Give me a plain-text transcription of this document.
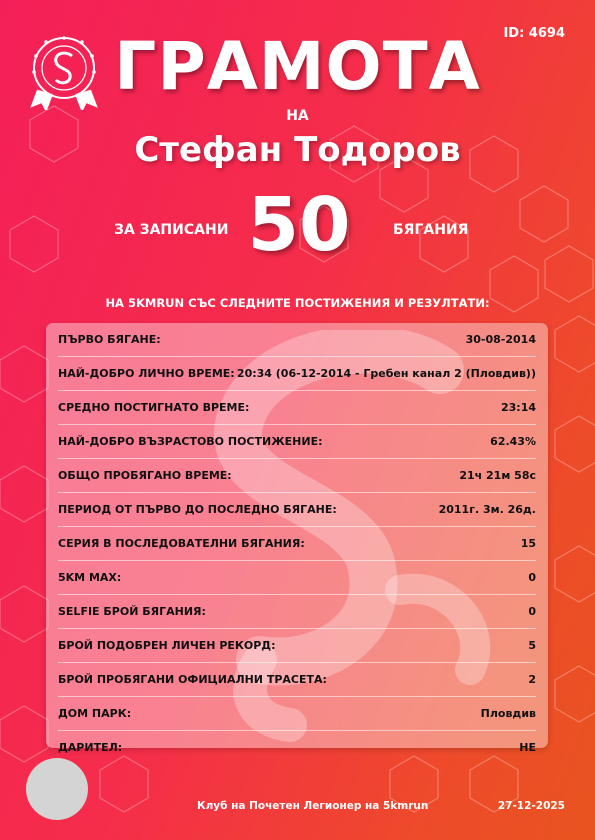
ID: 4694
ГРАМОТА
НА
Стефан Тодоров
ЗА ЗАПИСАНИ 50	БЯГАНИЯ
НА 5KMRUN СЪС СЛЕДНИТЕ ПОСТИЖЕНИЯ И РЕЗУЛТАТИ:
ПЪРВО БЯГАНЕ:	30-08-2014
НАЙ-ДОБРО ЛИЧНО ВРЕМЕ: 20:34 (06-12-2014 - Гребен канал 2 (Пловдив))
СРЕДНО ПОСТИГНАТО ВРЕМЕ:	23:14
НАЙ-ДОБРО ВЪЗРАСТОВО ПОСТИЖЕНИЕ:	62.43%
ОБЩО ПРОБЯГАНО ВРЕМЕ:	21ч 21м 58с
ПЕРИОД ОТ ПЪРВО ДО ПОСЛЕДНО БЯГАНЕ:	2011г. 3м. 26д.
СЕРИЯ В ПОСЛЕДОВАТЕЛНИ БЯГАНИЯ:	15
5KM MAX:	0
SELFIE БРОЙ БЯГАНИЯ:	0
БРОЙ ПОДОБРЕН ЛИЧЕН РЕКОРД:	5
БРОЙ ПРОБЯГАНИ ОФИЦИАЛНИ ТРАСЕТА:	2
ДОМ ПАРК:	Пловдив
ДАРИТЕЛ:	НЕ
Клуб на Почетен Легионер на 5kmrun	27-12-2025
